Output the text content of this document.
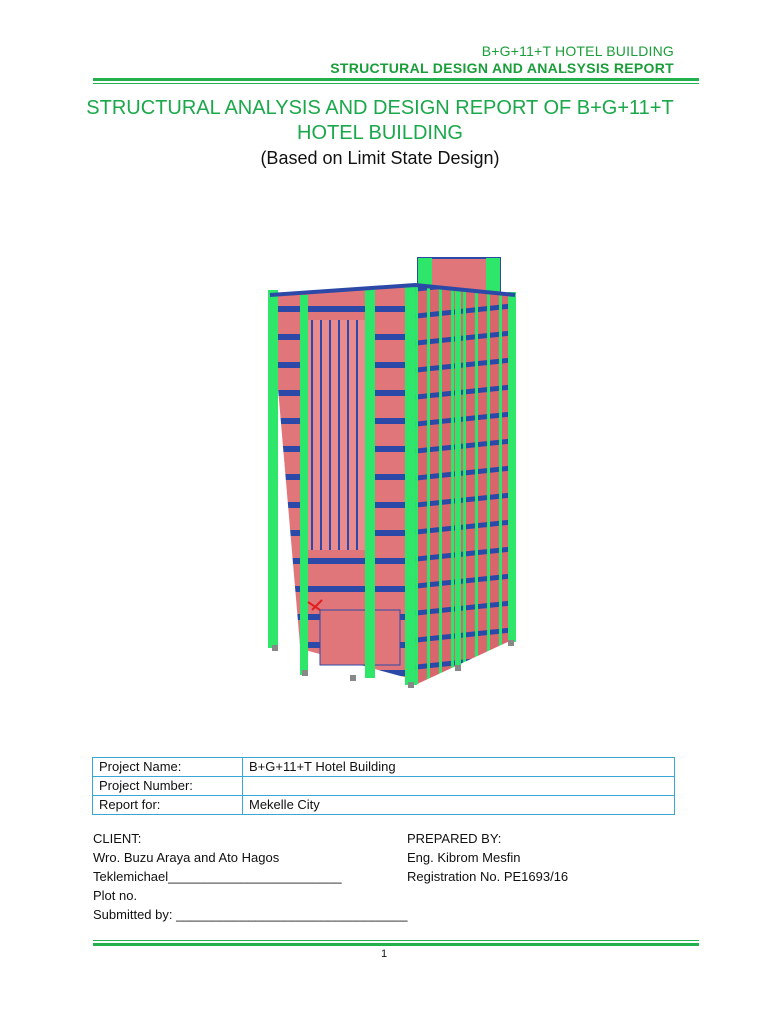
B+G+11+T HOTEL BUILDING
STRUCTURAL DESIGN AND ANALSYSIS REPORT
STRUCTURAL ANALYSIS AND DESIGN REPORT OF B+G+11+T
HOTEL BUILDING
(Based on Limit State Design)
Project Name:	B+G+11+T Hotel Building
Project Number:	
Report for:	Mekelle City
CLIENT:
Wro. Buzu Araya and Ato Hagos
Teklemichael________________________
Plot no.
Submitted by: ________________________________
PREPARED BY:
Eng. Kibrom Mesfin
Registration No. PE1693/16
1
